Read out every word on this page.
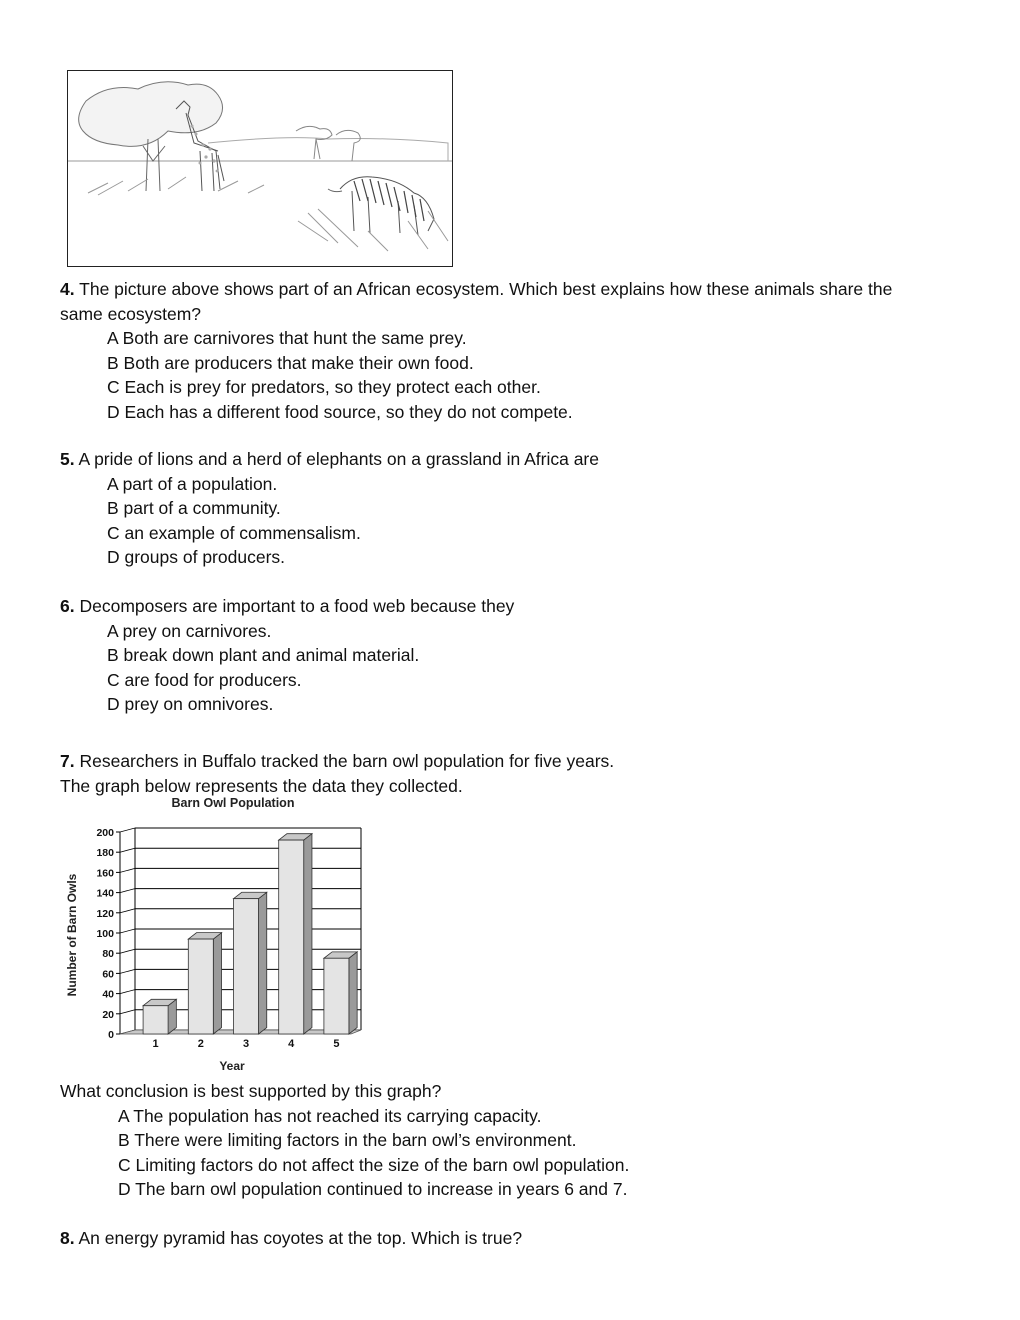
4. The picture above shows part of an African ecosystem. Which best explains how these animals share the
same ecosystem?
A Both are carnivores that hunt the same prey.
B Both are producers that make their own food.
C Each is prey for predators, so they protect each other.
D Each has a different food source, so they do not compete.
5. A pride of lions and a herd of elephants on a grassland in Africa are
A part of a population.
B part of a community.
C an example of commensalism.
D groups of producers.
6. Decomposers are important to a food web because they
A prey on carnivores.
B break down plant and animal material.
C are food for producers.
D prey on omnivores.
7. Researchers in Buffalo tracked the barn owl population for five years.
The graph below represents the data they collected.
Barn Owl Population
0
20
40
60
80
100
120
140
160
180
200
1	2	3	4	5
Number of Barn Owls
Year
What conclusion is best supported by this graph?
A The population has not reached its carrying capacity.
B There were limiting factors in the barn owl’s environment.
C Limiting factors do not affect the size of the barn owl population.
D The barn owl population continued to increase in years 6 and 7.
8. An energy pyramid has coyotes at the top. Which is true?
